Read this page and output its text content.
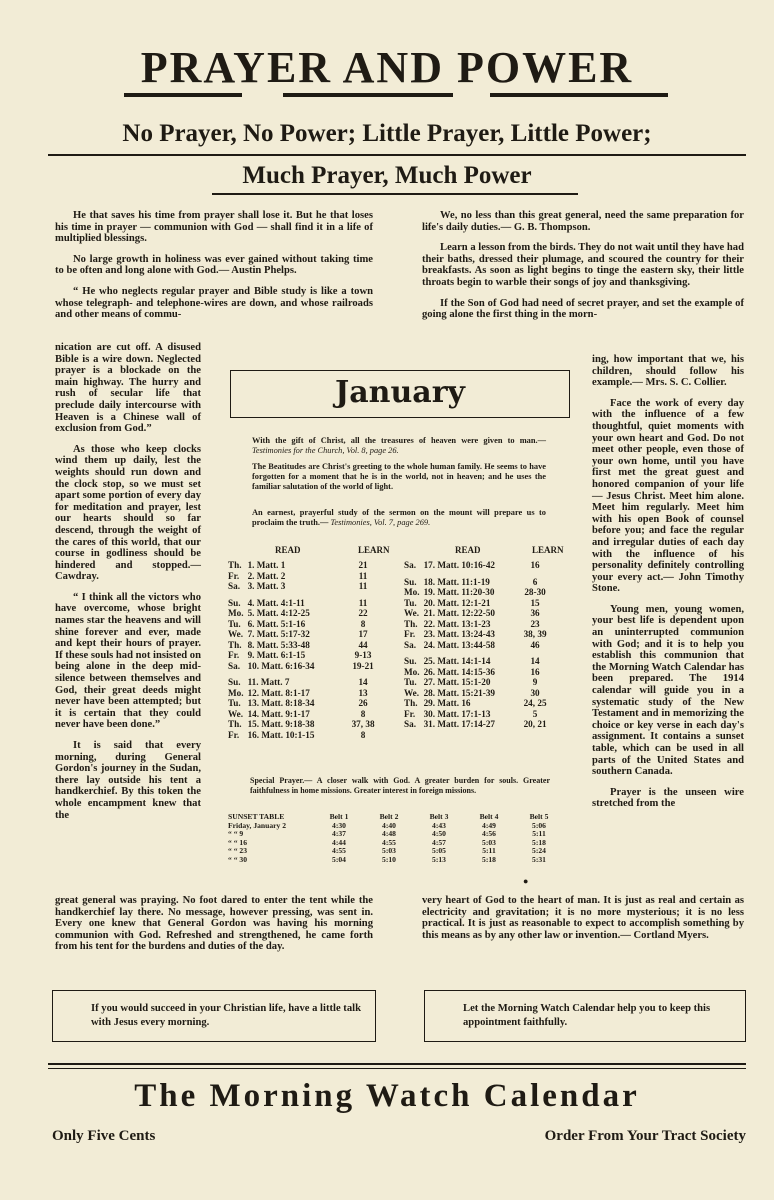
PRAYER AND POWER
No Prayer, No Power; Little Prayer, Little Power;
Much Prayer, Much Power

He that saves his time from prayer shall lose it. But he that loses his time in prayer — communion with God — shall find it in a life of multiplied blessings.

No large growth in holiness was ever gained without taking time to be often and long alone with God.— Austin Phelps.

“ He who neglects regular prayer and Bible study is like a town whose telegraph- and telephone-wires are down, and whose railroads and other means of commu-

nication are cut off. A disused Bible is a wire down. Neglected prayer is a blockade on the main highway. The hurry and rush of secular life that preclude daily intercourse with Heaven is a Chinese wall of exclusion from God.”

As those who keep clocks wind them up daily, lest the weights should run down and the clock stop, so we must set apart some portion of every day for meditation and prayer, lest our hearts should so far descend, through the weight of the cares of this world, that our course in godliness should be hindered and stopped.— Cawdray.

“ I think all the victors who have overcome, whose bright names star the heavens and will shine forever and ever, made and kept their hours of prayer. If these souls had not insisted on being alone in the deep mid-silence between themselves and God, their great deeds might never have been attempted; but it is certain that they could never have been done.”

It is said that every morning, during General Gordon's journey in the Sudan, there lay outside his tent a handkerchief. By this token the whole encampment knew that the

great general was praying. No foot dared to enter the tent while the handkerchief lay there. No message, however pressing, was sent in. Every one knew that General Gordon was having his morning communion with God. Refreshed and strengthened, he came forth from his tent for the burdens and duties of the day.

We, no less than this great general, need the same preparation for life's daily duties.— G. B. Thompson.

Learn a lesson from the birds. They do not wait until they have had their baths, dressed their plumage, and scoured the country for their breakfasts. As soon as light begins to tinge the eastern sky, their little throats begin to warble their songs of joy and thanksgiving.

If the Son of God had need of secret prayer, and set the example of going alone the first thing in the morn-

ing, how important that we, his children, should follow his example.— Mrs. S. C. Collier.

Face the work of every day with the influence of a few thoughtful, quiet moments with your own heart and God. Do not meet other people, even those of your own home, until you have first met the great guest and honored companion of your life — Jesus Christ. Meet him alone. Meet him regularly. Meet him with his open Book of counsel before you; and face the regular and irregular duties of each day with the influence of his personality definitely controlling your every act.— John Timothy Stone.

Young men, young women, your best life is dependent upon an uninterrupted communion with God; and it is to help you establish this communion that the Morning Watch Calendar has been prepared. The 1914 calendar will guide you in a systematic study of the New Testament and in memorizing the choice or key verse in each day's assignment. It contains a sunset table, which can be used in all parts of the United States and southern Canada.

Prayer is the unseen wire stretched from the

very heart of God to the heart of man. It is just as real and certain as electricity and gravitation; it is no more mysterious; it is no less practical. It is just as reasonable to expect to accomplish something by this means as by any other law or invention.— Cortland Myers.

January
With the gift of Christ, all the treasures of heaven were given to man.— Testimonies for the Church, Vol. 8, page 26.
The Beatitudes are Christ's greeting to the whole human family. He seems to have forgotten for a moment that he is in the world, not in heaven; and he uses the familiar salutation of the world of light.
An earnest, prayerful study of the sermon on the mount will prepare us to proclaim the truth.— Testimonies, Vol. 7, page 269.
READ	LEARN	READ	LEARN
Th.	1. Matt. 1	21
Fr.	2. Matt. 2	11
Sa.	3. Matt. 3	11

Su.	4. Matt. 4:1-11	11
Mo.	5. Matt. 4:12-25	22
Tu.	6. Matt. 5:1-16	8
We.	7. Matt. 5:17-32	17
Th.	8. Matt. 5:33-48	44
Fr.	9. Matt. 6:1-15	9-13
Sa.	10. Matt. 6:16-34	19-21

Su.	11. Matt. 7	14
Mo.	12. Matt. 8:1-17	13
Tu.	13. Matt. 8:18-34	26
We.	14. Matt. 9:1-17	8
Th.	15. Matt. 9:18-38	37, 38
Fr.	16. Matt. 10:1-15	8
Sa.	17. Matt. 10:16-42	16

Su.	18. Matt. 11:1-19	6
Mo.	19. Matt. 11:20-30	28-30
Tu.	20. Matt. 12:1-21	15
We.	21. Matt. 12:22-50	36
Th.	22. Matt. 13:1-23	23
Fr.	23. Matt. 13:24-43	38, 39
Sa.	24. Matt. 13:44-58	46

Su.	25. Matt. 14:1-14	14
Mo.	26. Matt. 14:15-36	16
Tu.	27. Matt. 15:1-20	9
We.	28. Matt. 15:21-39	30
Th.	29. Matt. 16	24, 25
Fr.	30. Matt. 17:1-13	5
Sa.	31. Matt. 17:14-27	20, 21
Special Prayer.— A closer walk with God. A greater burden for souls. Greater faithfulness in home missions. Greater interest in foreign missions.
SUNSET TABLE	Belt 1	Belt 2	Belt 3	Belt 4	Belt 5
Friday, January 2	4:30	4:40	4:43	4:49	5:06
“ “ 9	4:37	4:48	4:50	4:56	5:11
“ “ 16	4:44	4:55	4:57	5:03	5:18
“ “ 23	4:55	5:03	5:05	5:11	5:24
“ “ 30	5:04	5:10	5:13	5:18	5:31
●
If you would succeed in your Christian life, have a little talk with Jesus every morning.
Let the Morning Watch Calendar help you to keep this appointment faithfully.
The Morning Watch Calendar
Only Five Cents	Order From Your Tract Society
